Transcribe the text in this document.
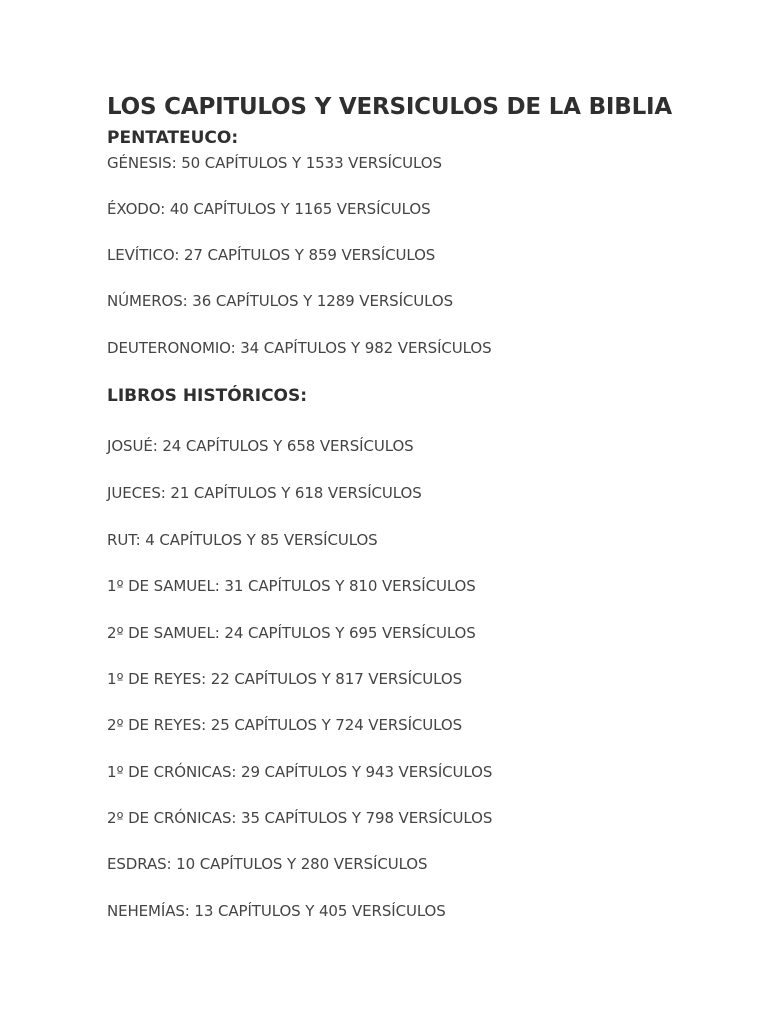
LOS CAPITULOS Y VERSICULOS DE LA BIBLIA
PENTATEUCO:

GÉNESIS: 50 CAPÍTULOS Y 1533 VERSÍCULOS

ÉXODO: 40 CAPÍTULOS Y 1165 VERSÍCULOS

LEVÍTICO: 27 CAPÍTULOS Y 859 VERSÍCULOS

NÚMEROS: 36 CAPÍTULOS Y 1289 VERSÍCULOS

DEUTERONOMIO: 34 CAPÍTULOS Y 982 VERSÍCULOS

LIBROS HISTÓRICOS:

JOSUÉ: 24 CAPÍTULOS Y 658 VERSÍCULOS

JUECES: 21 CAPÍTULOS Y 618 VERSÍCULOS

RUT: 4 CAPÍTULOS Y 85 VERSÍCULOS

1º DE SAMUEL: 31 CAPÍTULOS Y 810 VERSÍCULOS

2º DE SAMUEL: 24 CAPÍTULOS Y 695 VERSÍCULOS

1º DE REYES: 22 CAPÍTULOS Y 817 VERSÍCULOS

2º DE REYES: 25 CAPÍTULOS Y 724 VERSÍCULOS

1º DE CRÓNICAS: 29 CAPÍTULOS Y 943 VERSÍCULOS

2º DE CRÓNICAS: 35 CAPÍTULOS Y 798 VERSÍCULOS

ESDRAS: 10 CAPÍTULOS Y 280 VERSÍCULOS

NEHEMÍAS: 13 CAPÍTULOS Y 405 VERSÍCULOS
